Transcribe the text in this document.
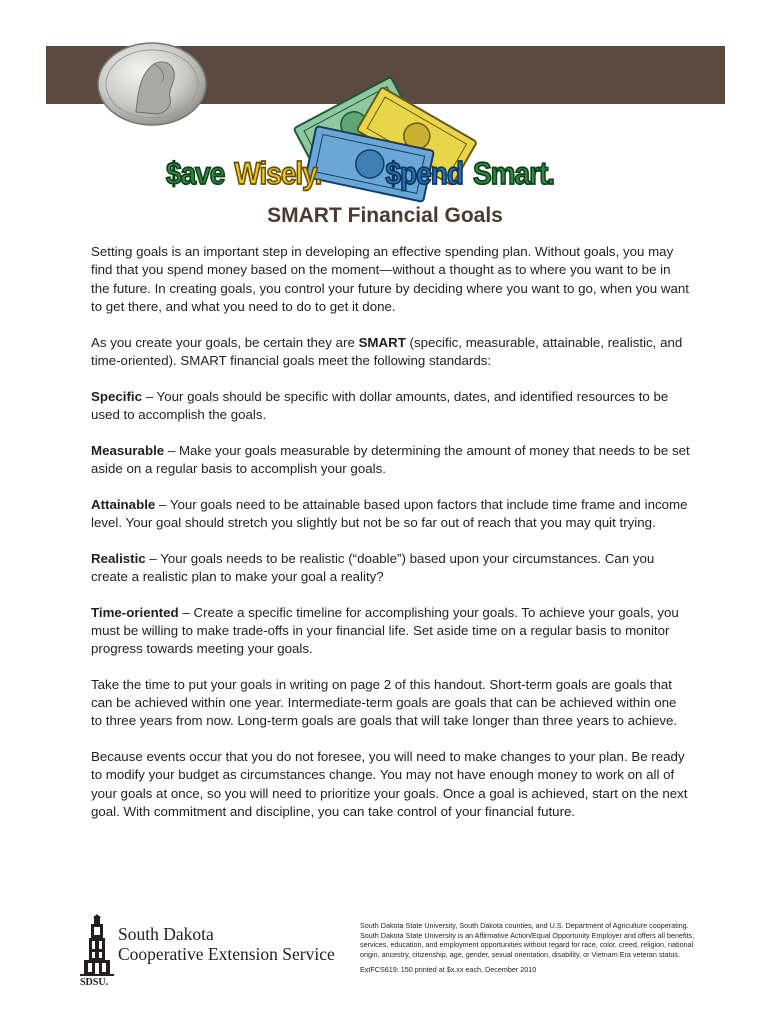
$ave Wisely. $pend Smart.
SMART Financial Goals

Setting goals is an important step in developing an effective spending plan. Without goals, you may find that you spend money based on the moment—without a thought as to where you want to be in the future. In creating goals, you control your future by deciding where you want to go, when you want to get there, and what you need to do to get it done.

As you create your goals, be certain they are SMART (specific, measurable, attainable, realistic, and time-oriented). SMART financial goals meet the following standards:

Specific – Your goals should be specific with dollar amounts, dates, and identified resources to be used to accomplish the goals.

Measurable – Make your goals measurable by determining the amount of money that needs to be set aside on a regular basis to accomplish your goals.

Attainable – Your goals need to be attainable based upon factors that include time frame and income level. Your goal should stretch you slightly but not be so far out of reach that you may quit trying.

Realistic – Your goals needs to be realistic (“doable”) based upon your circumstances. Can you create a realistic plan to make your goal a reality?

Time-oriented – Create a specific timeline for accomplishing your goals. To achieve your goals, you must be willing to make trade-offs in your financial life. Set aside time on a regular basis to monitor progress towards meeting your goals.

Take the time to put your goals in writing on page 2 of this handout. Short-term goals are goals that can be achieved within one year. Intermediate-term goals are goals that can be achieved within one to three years from now. Long-term goals are goals that will take longer than three years to achieve.

Because events occur that you do not foresee, you will need to make changes to your plan. Be ready to modify your budget as circumstances change. You may not have enough money to work on all of your goals at once, so you will need to prioritize your goals. Once a goal is achieved, start on the next goal. With commitment and discipline, you can take control of your financial future.

SDSU.
South Dakota
Cooperative Extension Service
South Dakota State University, South Dakota counties, and U.S. Department of Agriculture cooperating. South Dakota State University is an Affirmative Action/Equal Opportunity Employer and offers all benefits, services, education, and employment opportunities without regard for race, color, creed, religion, national origin, ancestry, citizenship, age, gender, sexual orientation, disability, or Vietnam Era veteran status.
ExtFCS619: 150 printed at $x.xx each, December 2010
